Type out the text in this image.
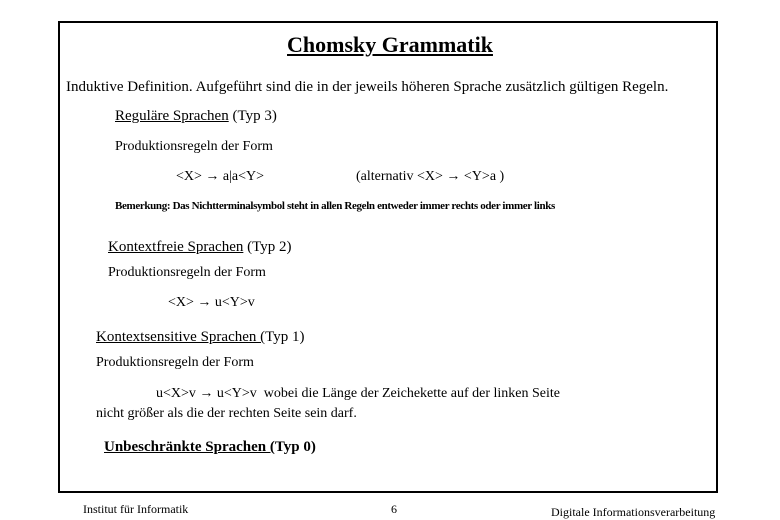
Chomsky Grammatik
Induktive Definition. Aufgeführt sind die in der jeweils höheren Sprache zusätzlich gültigen Regeln.
Reguläre Sprachen (Typ 3)
Produktionsregeln der Form
<X> → a|a<Y>	(alternativ <X> → <Y>a )
Bemerkung: Das Nichtterminalsymbol steht in allen Regeln entweder immer rechts oder immer links
Kontextfreie Sprachen (Typ 2)
Produktionsregeln der Form
<X> → u<Y>v
Kontextsensitive Sprachen (Typ 1)
Produktionsregeln der Form
u<X>v → u<Y>v  wobei die Länge der Zeichekette auf der linken Seite
nicht größer als die der rechten Seite sein darf.
Unbeschränkte Sprachen (Typ 0)
Institut für Informatik	6	Digitale Informationsverarbeitung
